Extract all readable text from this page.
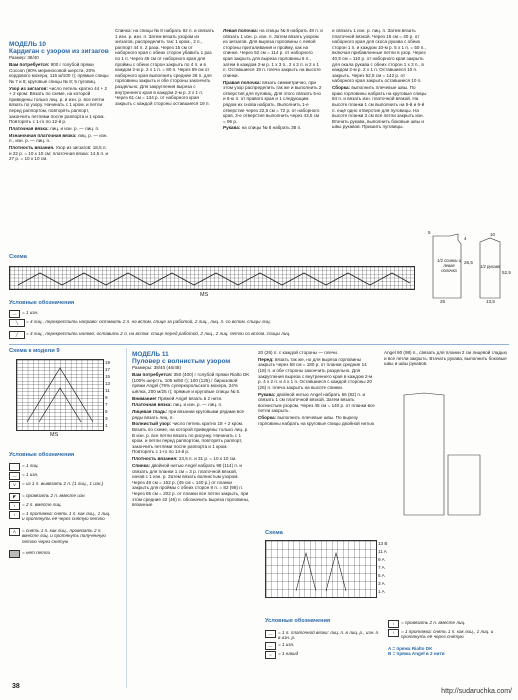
МОДЕЛЬ 10
Кардиган с узором из зигзагов

Размер: 38/40

Вам потребуется: 900 г голубой пряжи Cocoon (80% мериносовой шерсти, 20% кордового мохера, 115 м/100 г); прямые спицы № 7 и 8; круговые спицы № 8; 5 пуговиц.

Узор из зигзагов: число петель кратно 44 + 2 + 2 кром. Вязать по схеме, на которой приведены только лиц. р. и изн. р. все петли вязать по узору. Начинать с 1 кром. и петли перед раппортом, повторять раппорт, закончить петлями после раппорта и 1 кром. Повторять с 1-го по 12-й р.

Платочная вязка: лиц. и изн. р. — лиц. п.

Изнаночная платочная вязка: лиц. р. — изн. п., изн. р. — лиц. п.

Плотность вязания. Узор из зигзагов: 18,5 п. и 22 р. = 10 х 10 см; платочная вязка: 14,5 п. и 27 р. = 10 х 10 см.

Спинка: на спицы № 8 набрать 92 п. и связать 1 изн. р. изн. п. Затем вязать узором из зигзагов, распределить так: 1 кром., 2 п., раппорт 44 п. 2 раза. Через 15 см от наборного края с обеих сторон убавить 1 раз по 1 п. Через 45 см от наборного края для проймы с обеих сторон закрыть по 4 п. и в каждом 2-м р. 2 х 1 п. = 80 п. Через 59 см от наборного края выполнить средние 28 п. для горловины закрыть и обе стороны закончить раздельно. Для закругления выреза с внутреннего края в каждом 2-м р. 2 х 1 п. Через 61 см = 134 р. от наборного края закрыть с каждой стороны оставшиеся 19 п.

Левая полочка: на спицы № 8 набрать 48 п. и связать 1 изн. р. изн. п. Затем вязать узором из зигзагов. Для выреза горловины с левой стороны приталивания и пройму, как на спинке. Через 52 см = 114 р. от наборного края закрыть для выреза горловины 6 п., затем в каждом 2-м р. 1 х 3 п., 2 х 2 п. и 2 х 1 п. Оставшиеся 19 п. плеча закрыть на высоте спинки.

Правая полочка: вязать симметрично, при этом узор распределить так же и выполнить 2 отверстия для пуговиц. Для этого связать 5-ю и 6-ю п. от правого края и 1 следующим рядом их снова набрать. Выполнить 1-е отверстие через 22,5 см = 72 р. от наборного края, 3-е отверстие выполнить через 43,5 см = 96 р.

Рукава: на спицы № 8 набрать 38 п.

и связать 1 изн. р. лиц. п. Затем вязать платочной вязкой. Через 15 см = 40 р. от наборного края для скоса рукава с обеих сторон 1 п. и каждом 10-м р. 5 х 1 п. = 50 п., включая прибавленные петли в узор. Через 40,5 см = 110 р. от наборного края закрыть для окала рукава с обеих сторон 1 х 3 п., в каждом 2-м р. 2 х 1 п. Оставшиеся 10 п. закрыть. Через 52,5 см = 142 р. от наборного края закрыть оставшиеся 10 п.

Сборка: выполнить плечевые швы. По краю горловины набрать на круговые спицы 84 п. и вязать изн. платочной вязкой. На высоте планки 1 см выполнить на 5-й и 6-й п. ещё одно отверстие для пуговицы. На высоте планки 3 см все петли закрыть изн. Втачать рукава, выполнить боковые швы и швы рукавов. Пришить пуговицы.

1/2 спинки и левая полочка
1/2 рукава
26,5
4
5
25
52,5
13,5
10
Схема
MS
Условные обозначения
—	= 1 изн.
╲	= 4 лиц., перекрестить направо: оставить 2 п. на вспом. спице за работой, 2 лиц., лиц. п. со вспом. спицы лиц.
╱	= 4 лиц., перекрестить налево: оставить 2 п. на вспом. спице перед работой, 2 лиц., 2 лиц. петли со вспом. спицы лиц.
Схема к модели 9
19
17
15
13
11
9
7
5
3
1
MS
Условные обозначения
= 1 лиц.
—	= 1 изн.
V	= из 1 п. вывязать 2 п. (1 лиц., 1 изн.)
◤	= провязать 2 п. вместе изн.
/	= 2 п. вместе лиц.
\	= 1 протяжка: снять 1 п. как лиц., 1 лиц. и протянуть её через снятую петлю
Λ	= снять 1 п. как лиц., провязать 2 п. вместе лиц. и протянуть полученную петлю через снятую
= нет петли
МОДЕЛЬ 11
Пуловер с волнистым узором

Размеры: 38/40 (46/48)

Вам потребуется: 350 (400) г голубой пряжи Rialto DK (100% шерсть, 105 м/50 г); 100 (125) г бирюзовой пряжи Angel (76% суперкорольского мохера, 24% шёлка, 200 м/25 г); прямые и круговые спицы № 5.

Внимание! Пряжей Angel вязать в 2 нити.

Платочная вязка: лиц. и изн. р. — лиц. п.

Лицевая гладь: при вязании круговыми рядами все ряды вязать лиц. п.

Волнистый узор: число петель кратно 18 + 2 кром. Вязать по схеме, на которой приведены только лиц. р. В изн. р. все петли вязать по рисунку. Начинать с 1 кром. и петли перед раппортом, повторять раппорт, закончить петлями после раппорта и 1 кром. Повторять с 1-го по 14-й р.

Плотность вязания: 23,5 п. и 31 р. = 10 х 10 см.

Спинка: двойной нитью Angel набрать 98 (114) п. и связать для планки 1 см = 3 р. платочной вязкой, начав с 1 изн. р. Затем вязать волнистым узором. Через 48 см = 152 р. (45 см = 140 р.) от планки закрыть для проймы с обеих сторон 8 п. = 82 (98) п. Через 65 см = 202 р. от планки все петли закрыть, при этом средние 42 (46) п. обозначить выреза горловины, вязанные

20 (26) п. с каждой стороны — плечи.

Перед: вязать так же, но для выреза горловины закрыть через 58 см = 180 р. от планки средние 14 (18) п. и обе стороны закончить раздельно. Для закругления выреза с внутреннего края в каждом 2-м р. 4 х 2 п. и 4 х 1 п. Оставшиеся с каждой стороны 20 (26) п. плеча закрыть на высоте спинки.

Рукава: двойной нитью Angel набрать 66 (82) п. и связать 1 см платочной вязкой. Затем вязать волнистым узором. Через 45 см = 140 р. от планки все петли закрыть.

Сборка: выполнить плечевые швы. По вырезу горловины набрать на круговые спицы двойной нитью

Angel 90 (98) п., связать для планки 2 см лицевой гладью и все петли закрыть. Втачать рукава, выполнить боковые швы и швы рукавов.

Схема
13 B
11 A
9 A
7 A
5 A
3 A
1 A
Условные обозначения
—	= 1 п. платочной вязки: лиц. п. в лиц. р., изн. п. в изн. р.
—	= 1 изн.
○	= 1 накид
/	= провязать 2 п. вместе лиц.
\	= 1 протяжка: снять 1 п. как лиц., 1 лиц. и протянуть её через снятую
A = пряжа Rialto DK
B = пряжа Angel в 2 нити
38
http://sudaruchka.com/
